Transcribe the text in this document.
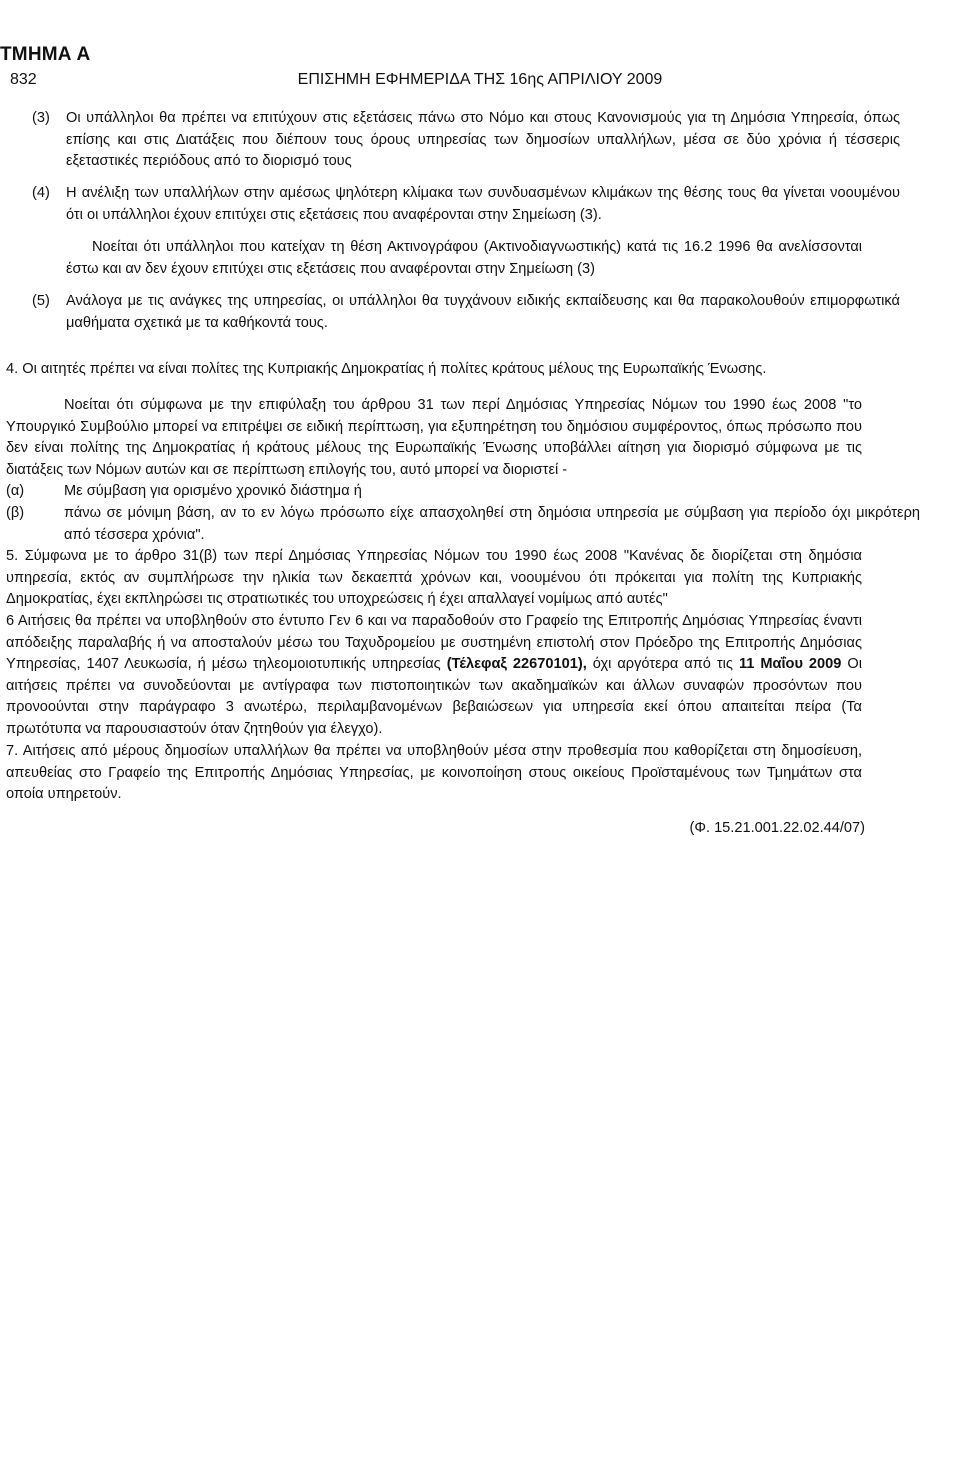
ΤΜΗΜΑ Α
832	ΕΠΙΣΗΜΗ ΕΦΗΜΕΡΙΔΑ ΤΗΣ 16ης ΑΠΡΙΛΙΟΥ 2009
(3) Οι υπάλληλοι θα πρέπει να επιτύχουν στις εξετάσεις πάνω στο Νόμο και στους Κανονισμούς για τη Δημόσια Υπηρεσία, όπως επίσης και στις Διατάξεις που διέπουν τους όρους υπηρεσίας των δημοσίων υπαλλήλων, μέσα σε δύο χρόνια ή τέσσερις εξεταστικές περιόδους από το διορισμό τους

(4) Η ανέλιξη των υπαλλήλων στην αμέσως ψηλότερη κλίμακα των συνδυασμένων κλιμάκων της θέσης τους θα γίνεται νοουμένου ότι οι υπάλληλοι έχουν επιτύχει στις εξετάσεις που αναφέρονται στην Σημείωση (3).

Νοείται ότι υπάλληλοι που κατείχαν τη θέση Ακτινογράφου (Ακτινοδιαγνωστικής) κατά τις 16.2 1996 θα ανελίσσονται έστω και αν δεν έχουν επιτύχει στις εξετάσεις που αναφέρονται στην Σημείωση (3)

(5) Ανάλογα με τις ανάγκες της υπηρεσίας, οι υπάλληλοι θα τυγχάνουν ειδικής εκπαίδευσης και θα παρακολουθούν επιμορφωτικά μαθήματα σχετικά με τα καθήκοντά τους.

4. Οι αιτητές πρέπει να είναι πολίτες της Κυπριακής Δημοκρατίας ή πολίτες κράτους μέλους της Ευρωπαϊκής Ένωσης.

Νοείται ότι σύμφωνα με την επιφύλαξη του άρθρου 31 των περί Δημόσιας Υπηρεσίας Νόμων του 1990 έως 2008 "το Υπουργικό Συμβούλιο μπορεί να επιτρέψει σε ειδική περίπτωση, για εξυπηρέτηση του δημόσιου συμφέροντος, όπως πρόσωπο που δεν είναι πολίτης της Δημοκρατίας ή κράτους μέλους της Ευρωπαϊκής Ένωσης υποβάλλει αίτηση για διορισμό σύμφωνα με τις διατάξεις των Νόμων αυτών και σε περίπτωση επιλογής του, αυτό μπορεί να διοριστεί -

(α)	Με σύμβαση για ορισμένο χρονικό διάστημα ή

(β)	πάνω σε μόνιμη βάση, αν το εν λόγω πρόσωπο είχε απασχοληθεί στη δημόσια υπηρεσία με σύμβαση για περίοδο όχι μικρότερη από τέσσερα χρόνια".

5. Σύμφωνα με το άρθρο 31(β) των περί Δημόσιας Υπηρεσίας Νόμων του 1990 έως 2008 "Κανένας δε διορίζεται στη δημόσια υπηρεσία, εκτός αν συμπλήρωσε την ηλικία των δεκαεπτά χρόνων και, νοουμένου ότι πρόκειται για πολίτη της Κυπριακής Δημοκρατίας, έχει εκπληρώσει τις στρατιωτικές του υποχρεώσεις ή έχει απαλλαγεί νομίμως από αυτές"

6 Αιτήσεις θα πρέπει να υποβληθούν στο έντυπο Γεν 6 και να παραδοθούν στο Γραφείο της Επιτροπής Δημόσιας Υπηρεσίας έναντι απόδειξης παραλαβής ή να αποσταλούν μέσω του Ταχυδρομείου με συστημένη επιστολή στον Πρόεδρο της Επιτροπής Δημόσιας Υπηρεσίας, 1407 Λευκωσία, ή μέσω τηλεομοιοτυπικής υπηρεσίας (Τέλεφαξ 22670101), όχι αργότερα από τις 11 Μαΐου 2009 Οι αιτήσεις πρέπει να συνοδεύονται με αντίγραφα των πιστοποιητικών των ακαδημαϊκών και άλλων συναφών προσόντων που προνοούνται στην παράγραφο 3 ανωτέρω, περιλαμβανομένων βεβαιώσεων για υπηρεσία εκεί όπου απαιτείται πείρα (Τα πρωτότυπα να παρουσιαστούν όταν ζητηθούν για έλεγχο).

7. Αιτήσεις από μέρους δημοσίων υπαλλήλων θα πρέπει να υποβληθούν μέσα στην προθεσμία που καθορίζεται στη δημοσίευση, απευθείας στο Γραφείο της Επιτροπής Δημόσιας Υπηρεσίας, με κοινοποίηση στους οικείους Προϊσταμένους των Τμημάτων στα οποία υπηρετούν.

(Φ. 15.21.001.22.02.44/07)
